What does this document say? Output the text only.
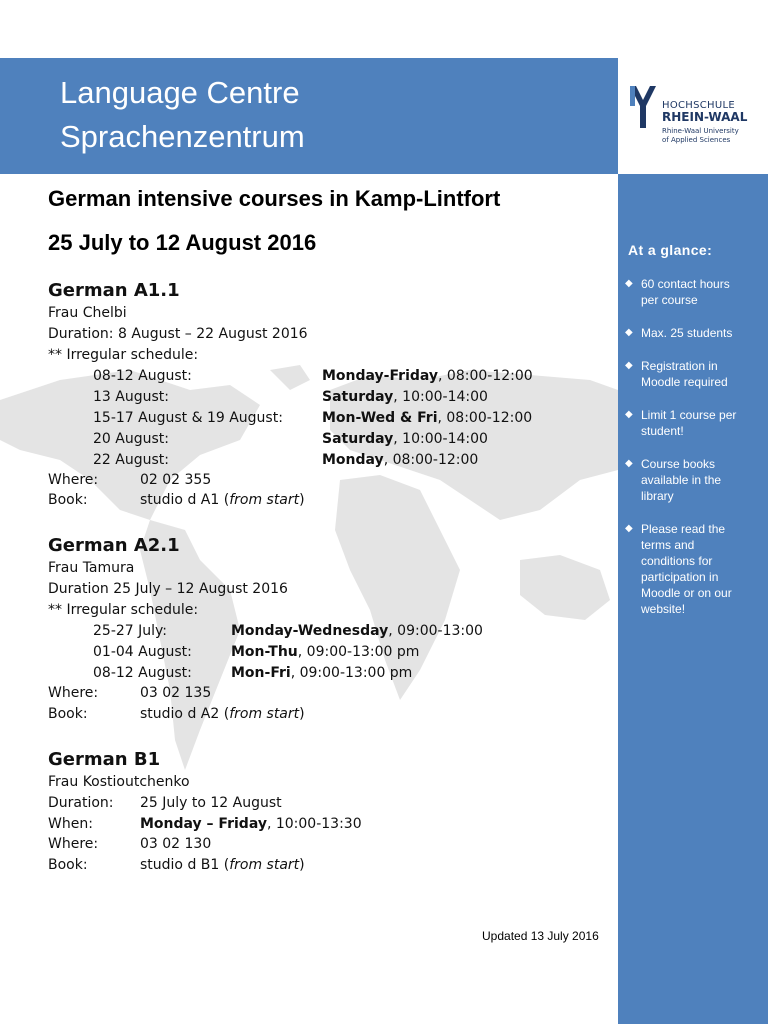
Language Centre
Sprachenzentrum
HOCHSCHULE
RHEIN-WAAL
Rhine-Waal University
of Applied Sciences
At a glance:
◆ 60 contact hours per course
◆ Max. 25 students
◆ Registration in Moodle required
◆ Limit 1 course per student!
◆ Course books available in the library
◆ Please read the terms and conditions for participation in Moodle or on our website!
German intensive courses in Kamp-Lintfort
25 July to 12 August 2016
German A1.1
Frau Chelbi
Duration: 8 August – 22 August 2016
** Irregular schedule:
08-12 August:	Monday-Friday, 08:00-12:00
13 August:	Saturday, 10:00-14:00
15-17 August & 19 August:	Mon-Wed & Fri, 08:00-12:00
20 August:	Saturday, 10:00-14:00
22 August:	Monday, 08:00-12:00
Where:	02 02 355
Book:	studio d A1 (from start)
German A2.1
Frau Tamura
Duration 25 July – 12 August 2016
** Irregular schedule:
25-27 July:	Monday-Wednesday, 09:00-13:00
01-04 August:	Mon-Thu, 09:00-13:00 pm
08-12 August:	Mon-Fri, 09:00-13:00 pm
Where:	03 02 135
Book:	studio d A2 (from start)
German B1
Frau Kostioutchenko
Duration: 25 July to 12 August
When:	Monday – Friday, 10:00-13:30
Where:	03 02 130
Book:	studio d B1 (from start)
Updated 13 July 2016
